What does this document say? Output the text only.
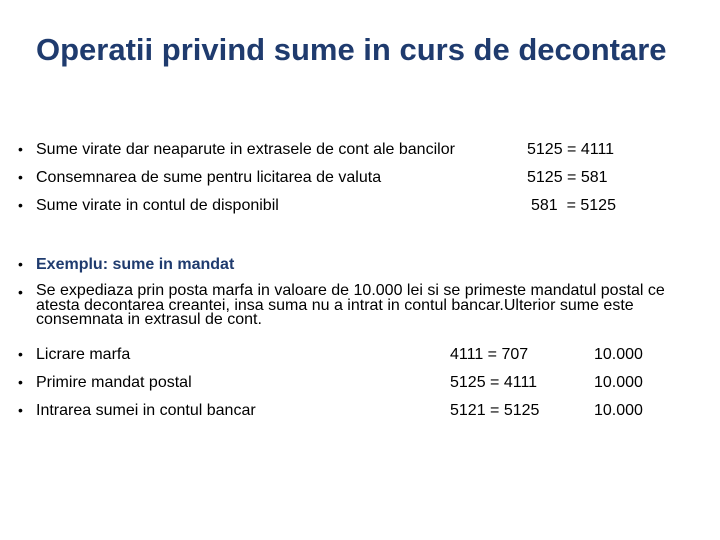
Operatii privind sume in curs de decontare
• Sume virate dar neaparute in extrasele de cont ale bancilor	5125 = 4111
• Consemnarea de sume pentru licitarea de valuta	5125 = 581
• Sume virate in contul de disponibil	581  = 5125
• Exemplu: sume in mandat
• Se expediaza prin posta marfa in valoare de 10.000 lei si se primeste mandatul postal ce atesta decontarea creantei, insa suma nu a intrat in contul bancar.Ulterior sume este consemnata in extrasul de cont.
• Licrare marfa	4111 = 707	10.000
• Primire mandat postal	5125 = 4111	10.000
• Intrarea sumei in contul bancar	5121 = 5125	10.000
